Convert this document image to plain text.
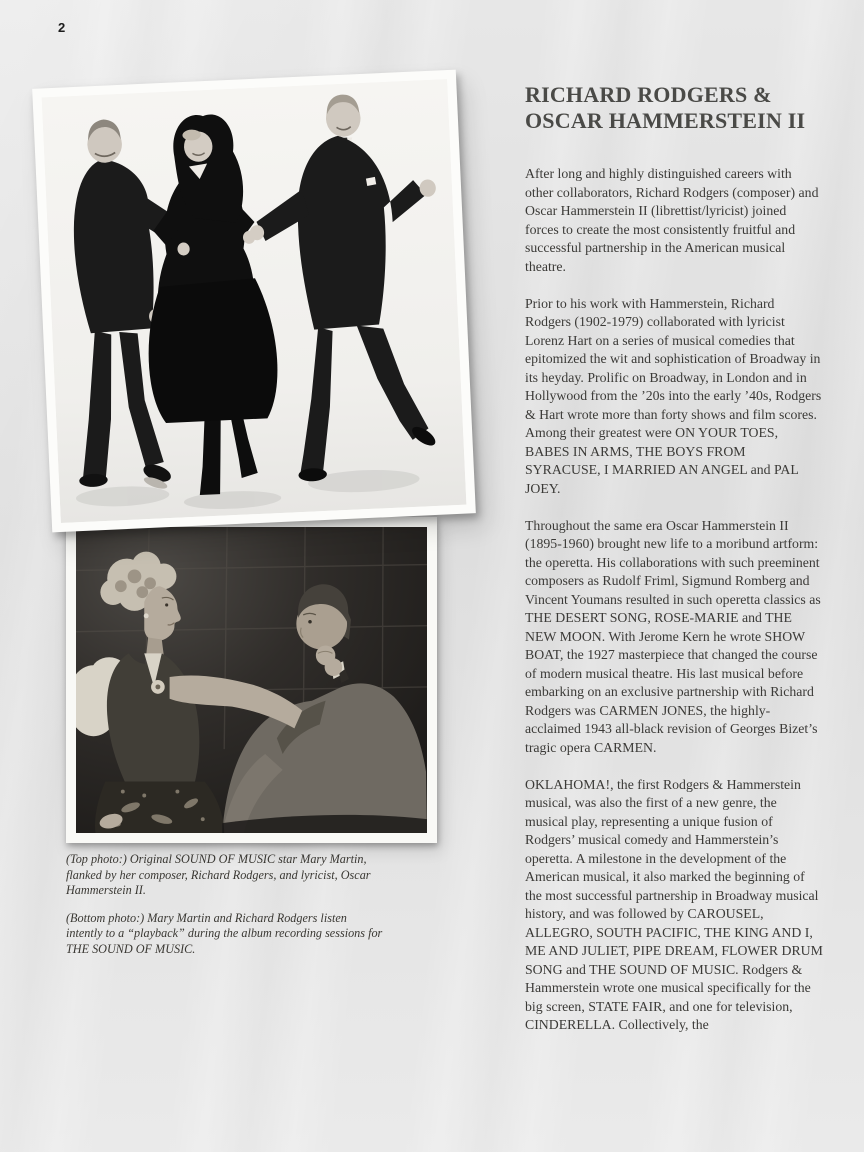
2

(Top photo:) Original SOUND OF MUSIC star Mary Martin, flanked by her composer, Richard Rodgers, and lyricist, Oscar Hammerstein II.

(Bottom photo:) Mary Martin and Richard Rodgers listen intently to a “playback” during the album recording sessions for THE SOUND OF MUSIC.

RICHARD RODGERS &
OSCAR HAMMERSTEIN II

After long and highly distinguished careers with other collaborators, Richard Rodgers (composer) and Oscar Hammerstein II (librettist/lyricist) joined forces to create the most consistently fruitful and successful partnership in the American musical theatre.

Prior to his work with Hammerstein, Richard Rodgers (1902-1979) collaborated with lyricist Lorenz Hart on a series of musical comedies that epitomized the wit and sophistication of Broadway in its heyday. Prolific on Broadway, in London and in Hollywood from the ’20s into the early ’40s, Rodgers & Hart wrote more than forty shows and film scores. Among their greatest were ON YOUR TOES, BABES IN ARMS, THE BOYS FROM SYRACUSE, I MARRIED AN ANGEL and PAL JOEY.

Throughout the same era Oscar Hammerstein II (1895-1960) brought new life to a moribund artform: the operetta. His collaborations with such preeminent composers as Rudolf Friml, Sigmund Romberg and Vincent Youmans resulted in such operetta classics as THE DESERT SONG, ROSE-MARIE and THE NEW MOON. With Jerome Kern he wrote SHOW BOAT, the 1927 masterpiece that changed the course of modern musical theatre. His last musical before embarking on an exclusive partnership with Richard Rodgers was CARMEN JONES, the highly-acclaimed 1943 all-black revision of Georges Bizet’s tragic opera CARMEN.

OKLAHOMA!, the first Rodgers & Hammerstein musical, was also the first of a new genre, the musical play, representing a unique fusion of Rodgers’ musical comedy and Hammerstein’s operetta. A milestone in the development of the American musical, it also marked the beginning of the most successful partnership in Broadway musical history, and was followed by CAROUSEL, ALLEGRO, SOUTH PACIFIC, THE KING AND I, ME AND JULIET, PIPE DREAM, FLOWER DRUM SONG and THE SOUND OF MUSIC. Rodgers & Hammerstein wrote one musical specifically for the big screen, STATE FAIR, and one for television, CINDERELLA. Collectively, the
